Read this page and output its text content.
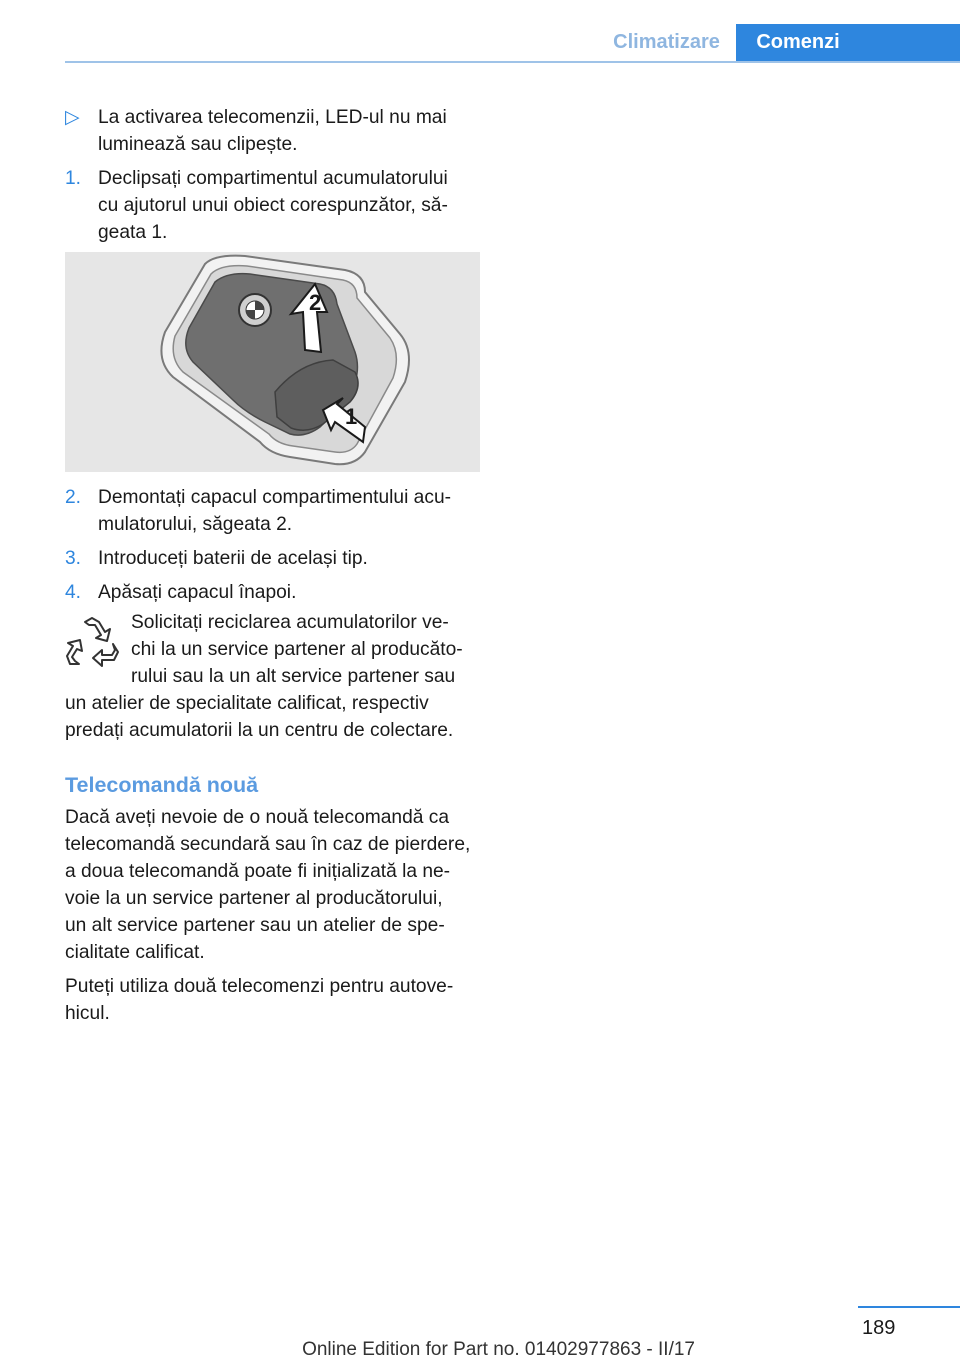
Climatizare	Comenzi
▷ La activarea telecomenzii, LED-ul nu mai
luminează sau clipește.
1. Declipsați compartimentul acumulatorului
cu ajutorul unui obiect corespunzător, să‐
geata 1.
2
1
2. Demontați capacul compartimentului acu‐
mulatorului, săgeata 2.
3. Introduceți baterii de același tip.
4. Apăsați capacul înapoi.
Solicitați reciclarea acumulatorilor ve‐
chi la un service partener al producăto‐
rului sau la un alt service partener sau
un atelier de specialitate calificat, respectiv
predați acumulatorii la un centru de colectare.
Telecomandă nouă
Dacă aveți nevoie de o nouă telecomandă ca
telecomandă secundară sau în caz de pierdere,
a doua telecomandă poate fi inițializată la ne‐
voie la un service partener al producătorului,
un alt service partener sau un atelier de spe‐
cialitate calificat.
Puteți utiliza două telecomenzi pentru autove‐
hicul.
189
Online Edition for Part no. 01402977863 - II/17
